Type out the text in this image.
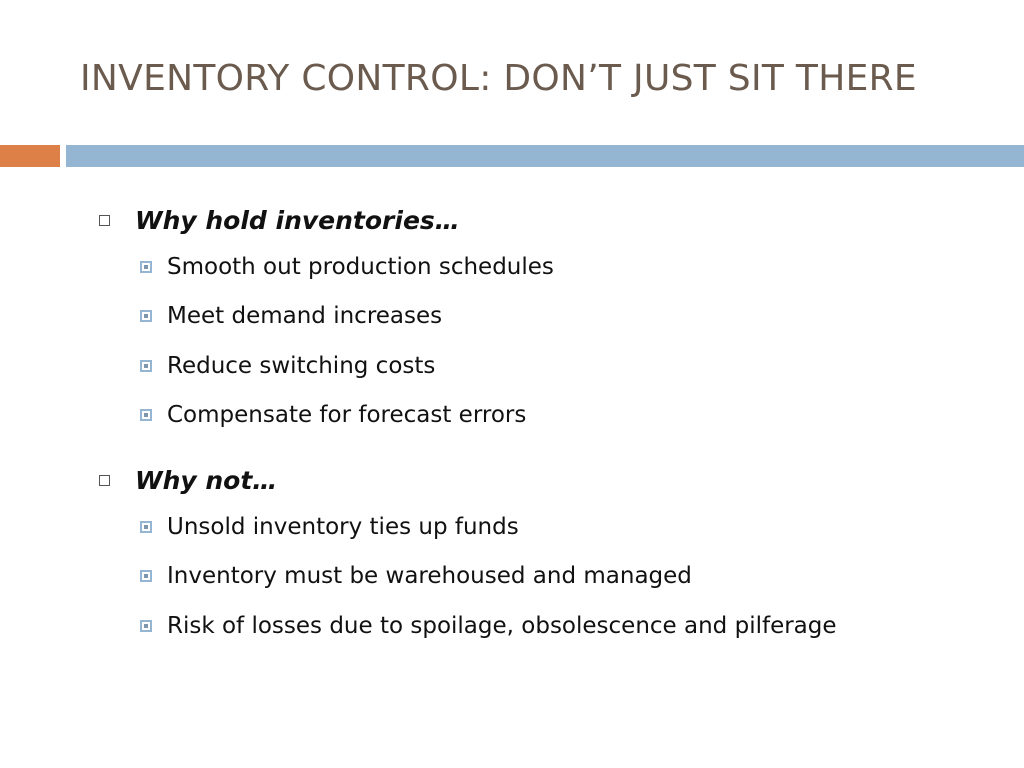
INVENTORY CONTROL: DON’T JUST SIT THERE
Why hold inventories…
Smooth out production schedules
Meet demand increases
Reduce switching costs
Compensate for forecast errors
Why not…
Unsold inventory ties up funds
Inventory must be warehoused and managed
Risk of losses due to spoilage, obsolescence and pilferage
